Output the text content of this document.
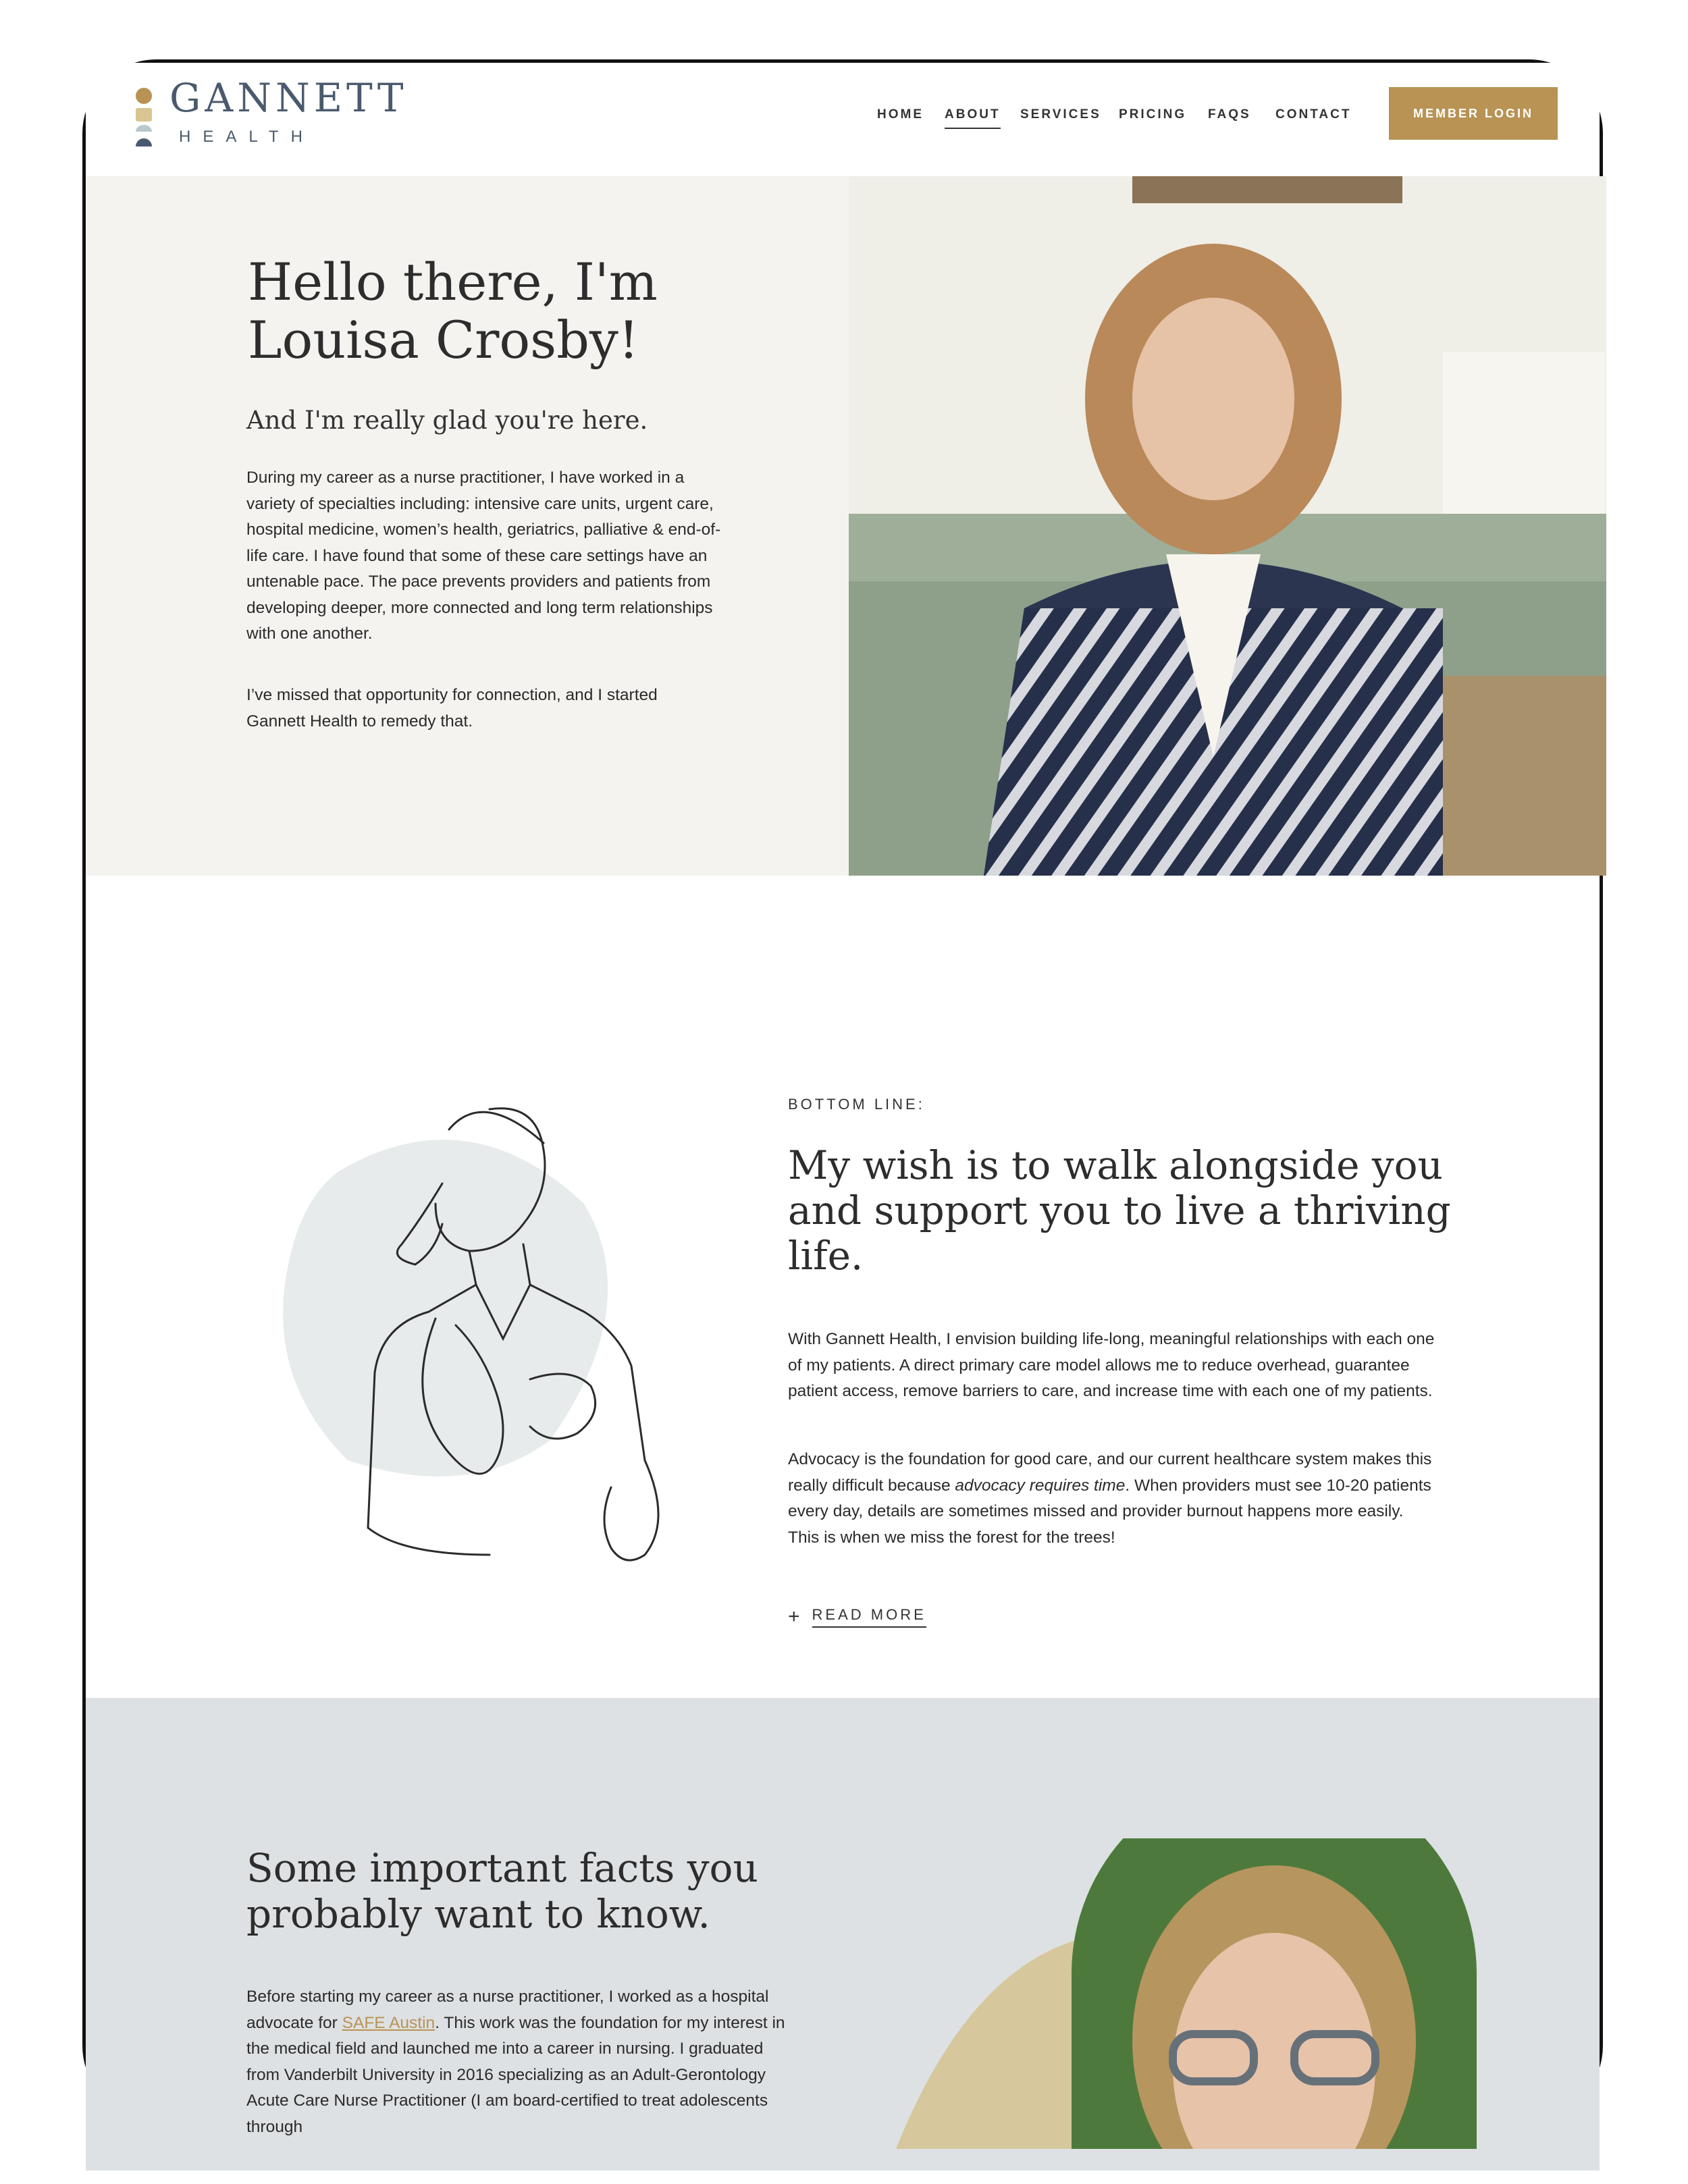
GANNETT
HEALTH
HOME ABOUT SERVICES PRICING FAQS CONTACT	MEMBER LOGIN
Hello there, I'm Louisa Crosby!
And I'm really glad you're here.

During my career as a nurse practitioner, I have worked in a variety of specialties including: intensive care units, urgent care, hospital medicine, women’s health, geriatrics, palliative & end-of-life care. I have found that some of these care settings have an untenable pace. The pace prevents providers and patients from developing deeper, more connected and long term relationships with one another.

I’ve missed that opportunity for connection, and I started Gannett Health to remedy that.

BOTTOM LINE:
My wish is to walk alongside you and support you to live a thriving life.

With Gannett Health, I envision building life-long, meaningful relationships with each one of my patients. A direct primary care model allows me to reduce overhead, guarantee patient access, remove barriers to care, and increase time with each one of my patients.

Advocacy is the foundation for good care, and our current healthcare system makes this really difficult because advocacy requires time. When providers must see 10-20 patients every day, details are sometimes missed and provider burnout happens more easily. This is when we miss the forest for the trees!

+ READ MORE
Some important facts you probably want to know.

Before starting my career as a nurse practitioner, I worked as a hospital advocate for SAFE Austin. This work was the foundation for my interest in the medical field and launched me into a career in nursing. I graduated from Vanderbilt University in 2016 specializing as an Adult-Gerontology Acute Care Nurse Practitioner (I am board-certified to treat adolescents through
